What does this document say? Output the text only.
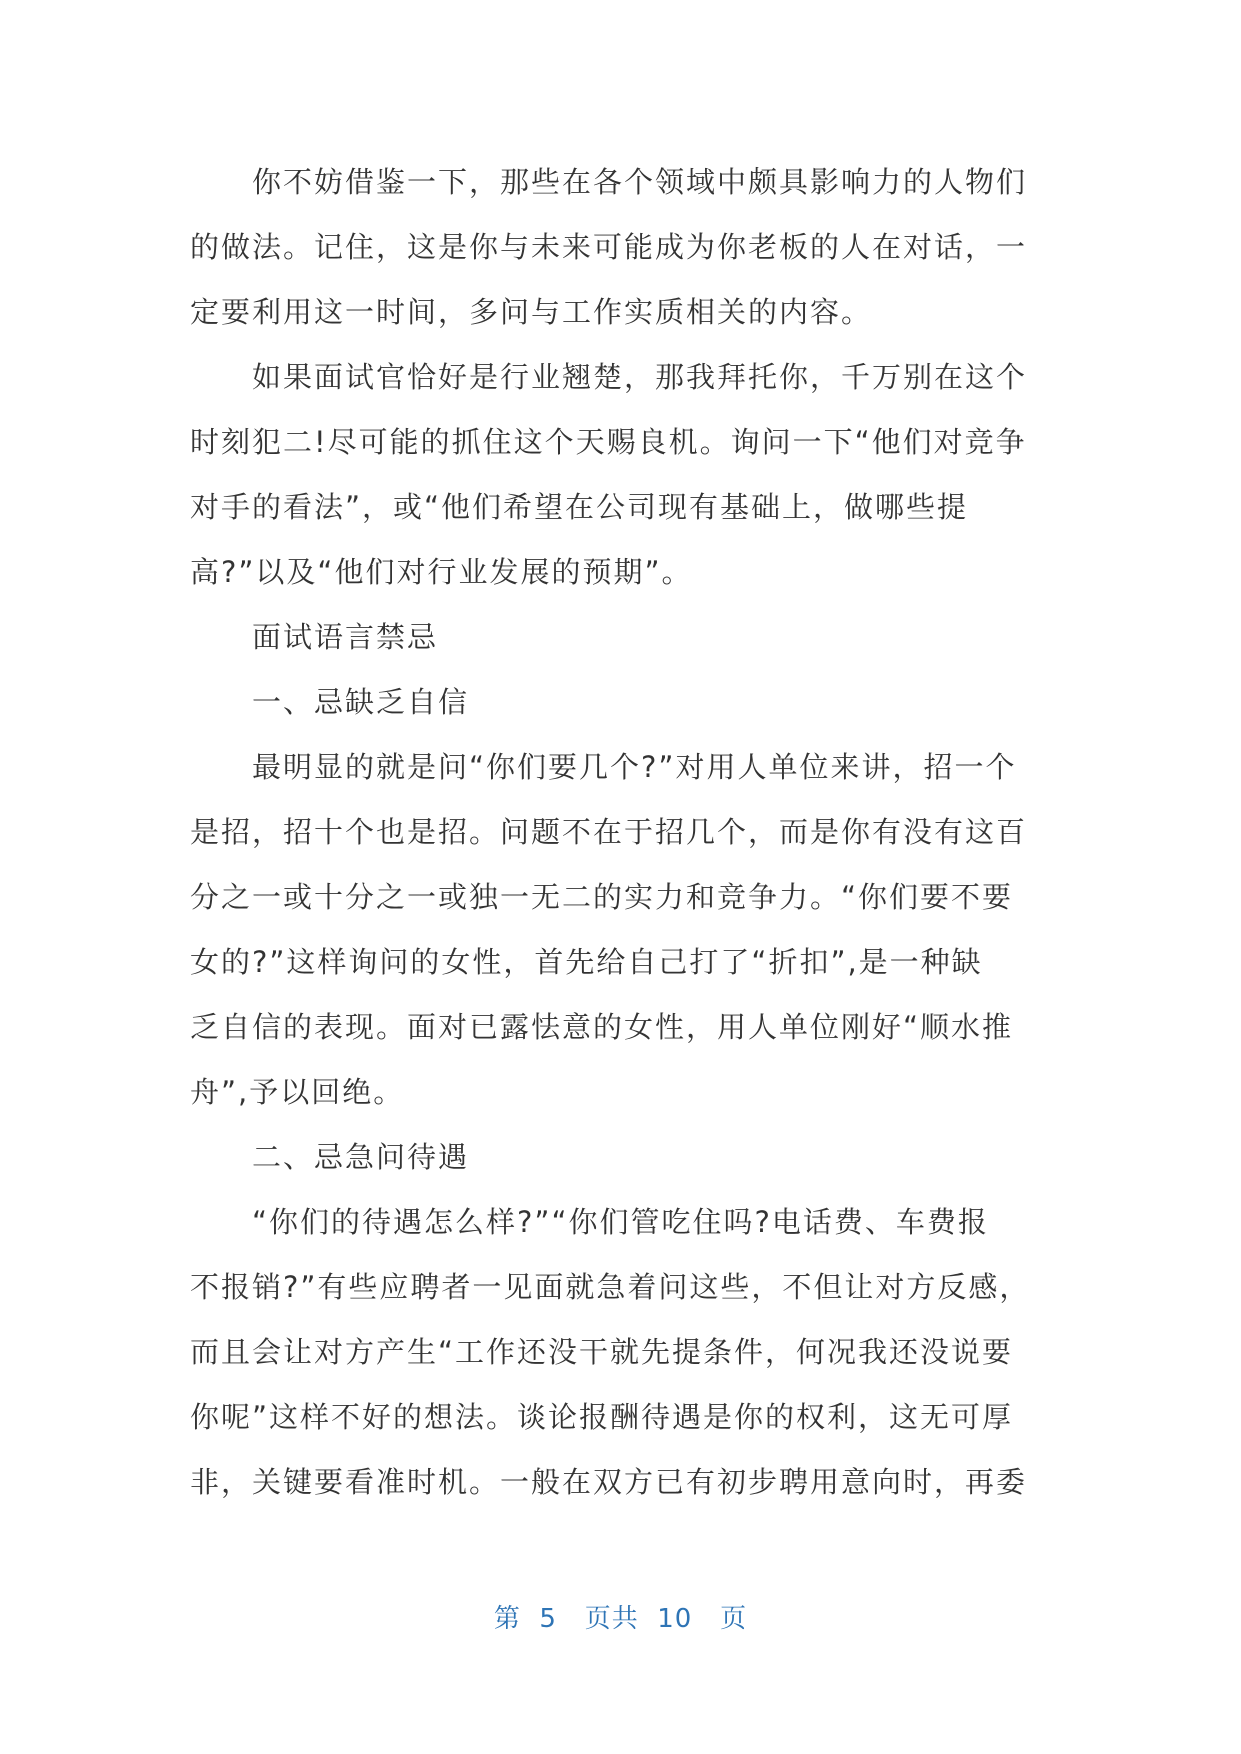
你不妨借鉴一下，那些在各个领域中颇具影响力的人物们
的做法。记住，这是你与未来可能成为你老板的人在对话，一
定要利用这一时间，多问与工作实质相关的内容。
如果面试官恰好是行业翘楚，那我拜托你，千万别在这个
时刻犯二!尽可能的抓住这个天赐良机。询问一下“他们对竞争
对手的看法”，或“他们希望在公司现有基础上，做哪些提
高?”以及“他们对行业发展的预期”。
面试语言禁忌
一、忌缺乏自信
最明显的就是问“你们要几个?”对用人单位来讲，招一个
是招，招十个也是招。问题不在于招几个，而是你有没有这百
分之一或十分之一或独一无二的实力和竞争力。“你们要不要
女的?”这样询问的女性，首先给自己打了“折扣”,是一种缺
乏自信的表现。面对已露怯意的女性，用人单位刚好“顺水推
舟”,予以回绝。
二、忌急问待遇
“你们的待遇怎么样?”“你们管吃住吗?电话费、车费报
不报销?”有些应聘者一见面就急着问这些，不但让对方反感，
而且会让对方产生“工作还没干就先提条件，何况我还没说要
你呢”这样不好的想法。谈论报酬待遇是你的权利，这无可厚
非，关键要看准时机。一般在双方已有初步聘用意向时，再委
第 5 页共 10 页
